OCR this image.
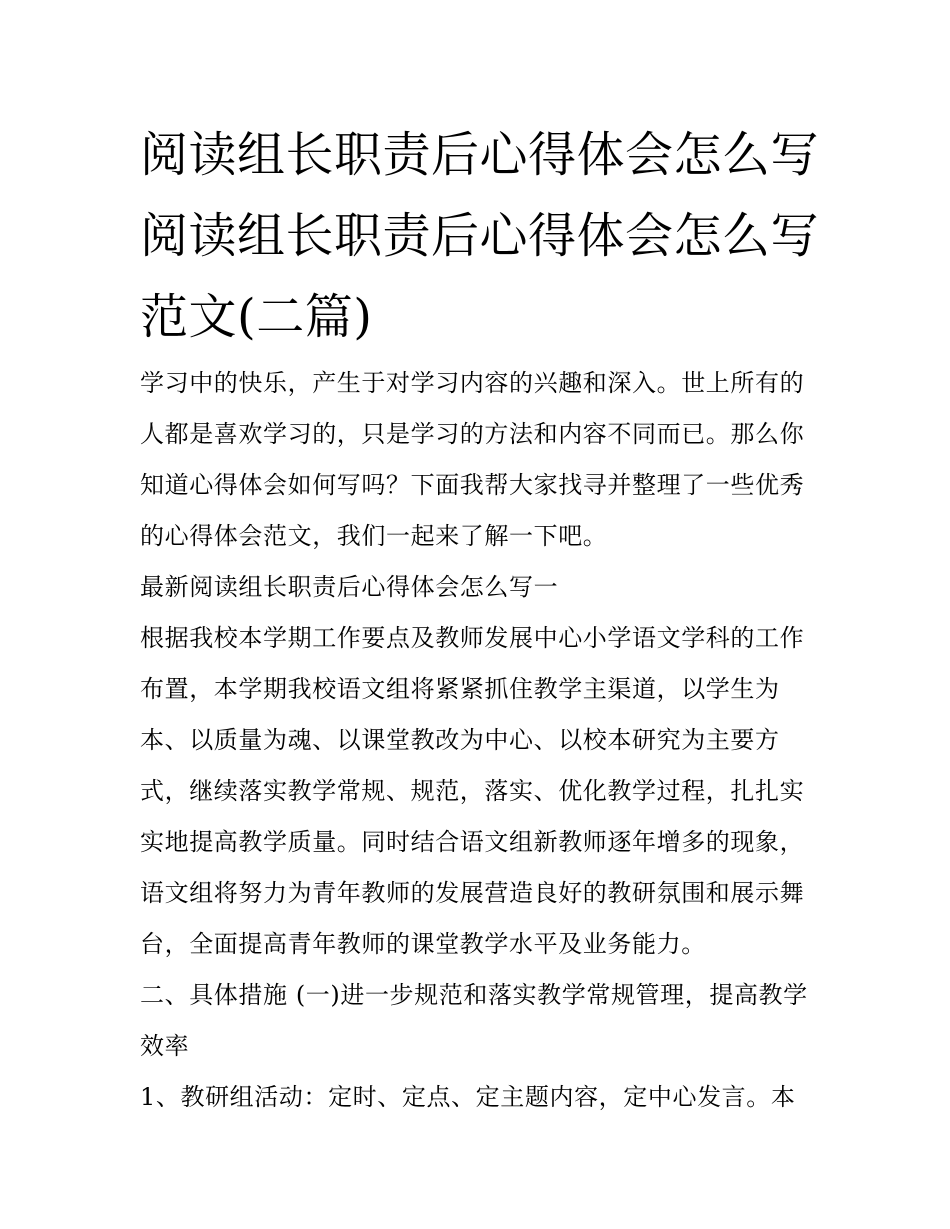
阅读组长职责后心得体会怎么写 阅读组长职责后心得体会怎么写范文(二篇)

学习中的快乐，产生于对学习内容的兴趣和深入。世上所有的人都是喜欢学习的，只是学习的方法和内容不同而已。那么你知道心得体会如何写吗？下面我帮大家找寻并整理了一些优秀的心得体会范文，我们一起来了解一下吧。

最新阅读组长职责后心得体会怎么写一

根据我校本学期工作要点及教师发展中心小学语文学科的工作布置，本学期我校语文组将紧紧抓住教学主渠道，以学生为本、以质量为魂、以课堂教改为中心、以校本研究为主要方式，继续落实教学常规、规范，落实、优化教学过程，扎扎实实地提高教学质量。同时结合语文组新教师逐年增多的现象，语文组将努力为青年教师的发展营造良好的教研氛围和展示舞台，全面提高青年教师的课堂教学水平及业务能力。

二、具体措施 (一)进一步规范和落实教学常规管理，提高教学效率

1、教研组活动：定时、定点、定主题内容，定中心发言。本
